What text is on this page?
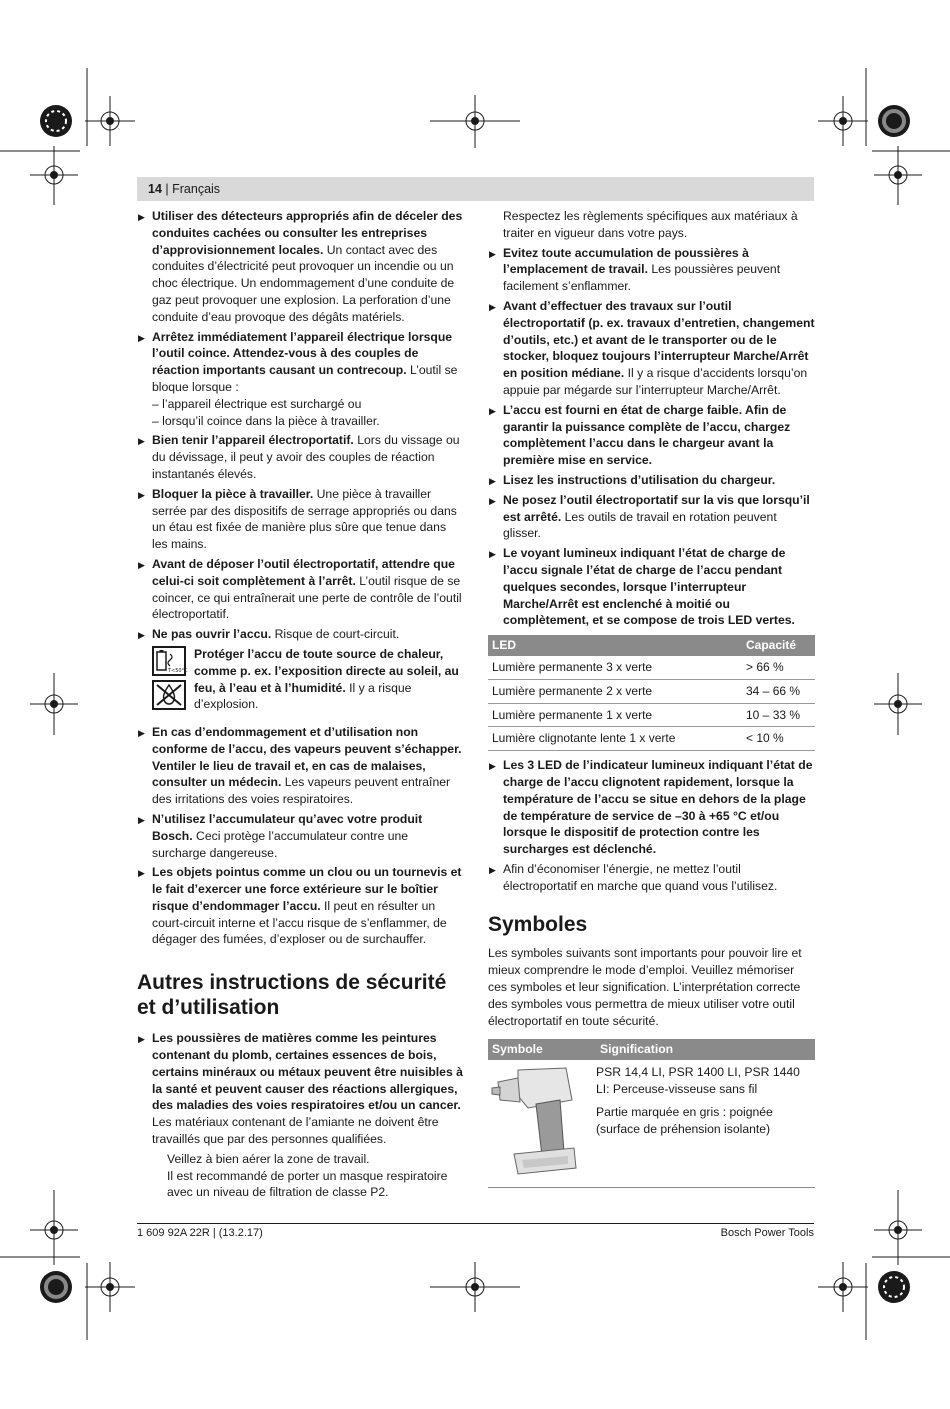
14 | Français
▶ Utiliser des détecteurs appropriés afin de déceler des conduites cachées ou consulter les entreprises d’approvisionnement locales. Un contact avec des conduites d’électricité peut provoquer un incendie ou un choc électrique. Un endommagement d’une conduite de gaz peut provoquer une explosion. La perforation d’une conduite d’eau provoque des dégâts matériels.
▶ Arrêtez immédiatement l’appareil électrique lorsque l’outil coince. Attendez-vous à des couples de réaction importants causant un contrecoup. L’outil se bloque lorsque :
– l’appareil électrique est surchargé ou
– lorsqu’il coince dans la pièce à travailler.
▶ Bien tenir l’appareil électroportatif. Lors du vissage ou du dévissage, il peut y avoir des couples de réaction instantanés élevés.
▶ Bloquer la pièce à travailler. Une pièce à travailler serrée par des dispositifs de serrage appropriés ou dans un étau est fixée de manière plus sûre que tenue dans les mains.
▶ Avant de déposer l’outil électroportatif, attendre que celui-ci soit complètement à l’arrêt. L’outil risque de se coincer, ce qui entraînerait une perte de contrôle de l’outil électroportatif.
▶ Ne pas ouvrir l’accu. Risque de court-circuit.
T<50°C
Protéger l’accu de toute source de chaleur, comme p. ex. l’exposition directe au soleil, au feu, à l’eau et à l’humidité. Il y a risque d’explosion.
▶ En cas d’endommagement et d’utilisation non conforme de l’accu, des vapeurs peuvent s’échapper. Ventiler le lieu de travail et, en cas de malaises, consulter un médecin. Les vapeurs peuvent entraîner des irritations des voies respiratoires.
▶ N’utilisez l’accumulateur qu’avec votre produit Bosch. Ceci protège l’accumulateur contre une surcharge dangereuse.
▶ Les objets pointus comme un clou ou un tournevis et le fait d’exercer une force extérieure sur le boîtier risque d’endommager l’accu. Il peut en résulter un court-circuit interne et l’accu risque de s’enflammer, de dégager des fumées, d’exploser ou de surchauffer.
Autres instructions de sécurité et d’utilisation
▶ Les poussières de matières comme les peintures contenant du plomb, certaines essences de bois, certains minéraux ou métaux peuvent être nuisibles à la santé et peuvent causer des réactions allergiques, des maladies des voies respiratoires et/ou un cancer. Les matériaux contenant de l’amiante ne doivent être travaillés que par des personnes qualifiées.
Veillez à bien aérer la zone de travail.
Il est recommandé de porter un masque respiratoire avec un niveau de filtration de classe P2.
Respectez les règlements spécifiques aux matériaux à traiter en vigueur dans votre pays.
▶ Evitez toute accumulation de poussières à l’emplacement de travail. Les poussières peuvent facilement s’enflammer.
▶ Avant d’effectuer des travaux sur l’outil électroportatif (p. ex. travaux d’entretien, changement d’outils, etc.) et avant de le transporter ou de le stocker, bloquez toujours l’interrupteur Marche/Arrêt en position médiane. Il y a risque d’accidents lorsqu’on appuie par mégarde sur l’interrupteur Marche/Arrêt.
▶ L’accu est fourni en état de charge faible. Afin de garantir la puissance complète de l’accu, chargez complètement l’accu dans le chargeur avant la première mise en service.
▶ Lisez les instructions d’utilisation du chargeur.
▶ Ne posez l’outil électroportatif sur la vis que lorsqu’il est arrêté. Les outils de travail en rotation peuvent glisser.
▶ Le voyant lumineux indiquant l’état de charge de l’accu signale l’état de charge de l’accu pendant quelques secondes, lorsque l’interrupteur Marche/Arrêt est enclenché à moitié ou complètement, et se compose de trois LED vertes.
LED	Capacité
Lumière permanente 3 x verte	> 66 %
Lumière permanente 2 x verte	34 – 66 %
Lumière permanente 1 x verte	10 – 33 %
Lumière clignotante lente 1 x verte	< 10 %
▶ Les 3 LED de l’indicateur lumineux indiquant l’état de charge de l’accu clignotent rapidement, lorsque la température de l’accu se situe en dehors de la plage de température de service de –30 à +65 °C et/ou lorsque le dispositif de protection contre les surcharges est déclenché.
▶ Afin d’économiser l’énergie, ne mettez l’outil électroportatif en marche que quand vous l’utilisez.
Symboles

Les symboles suivants sont importants pour pouvoir lire et mieux comprendre le mode d’emploi. Veuillez mémoriser ces symboles et leur signification. L’interprétation correcte des symboles vous permettra de mieux utiliser votre outil électroportatif en toute sécurité.

Symbole	Signification

PSR 14,4 LI, PSR 1400 LI, PSR 1440 LI: Perceuse-visseuse sans fil

Partie marquée en gris : poignée (surface de préhension isolante)

1 609 92A 22R | (13.2.17)	Bosch Power Tools
